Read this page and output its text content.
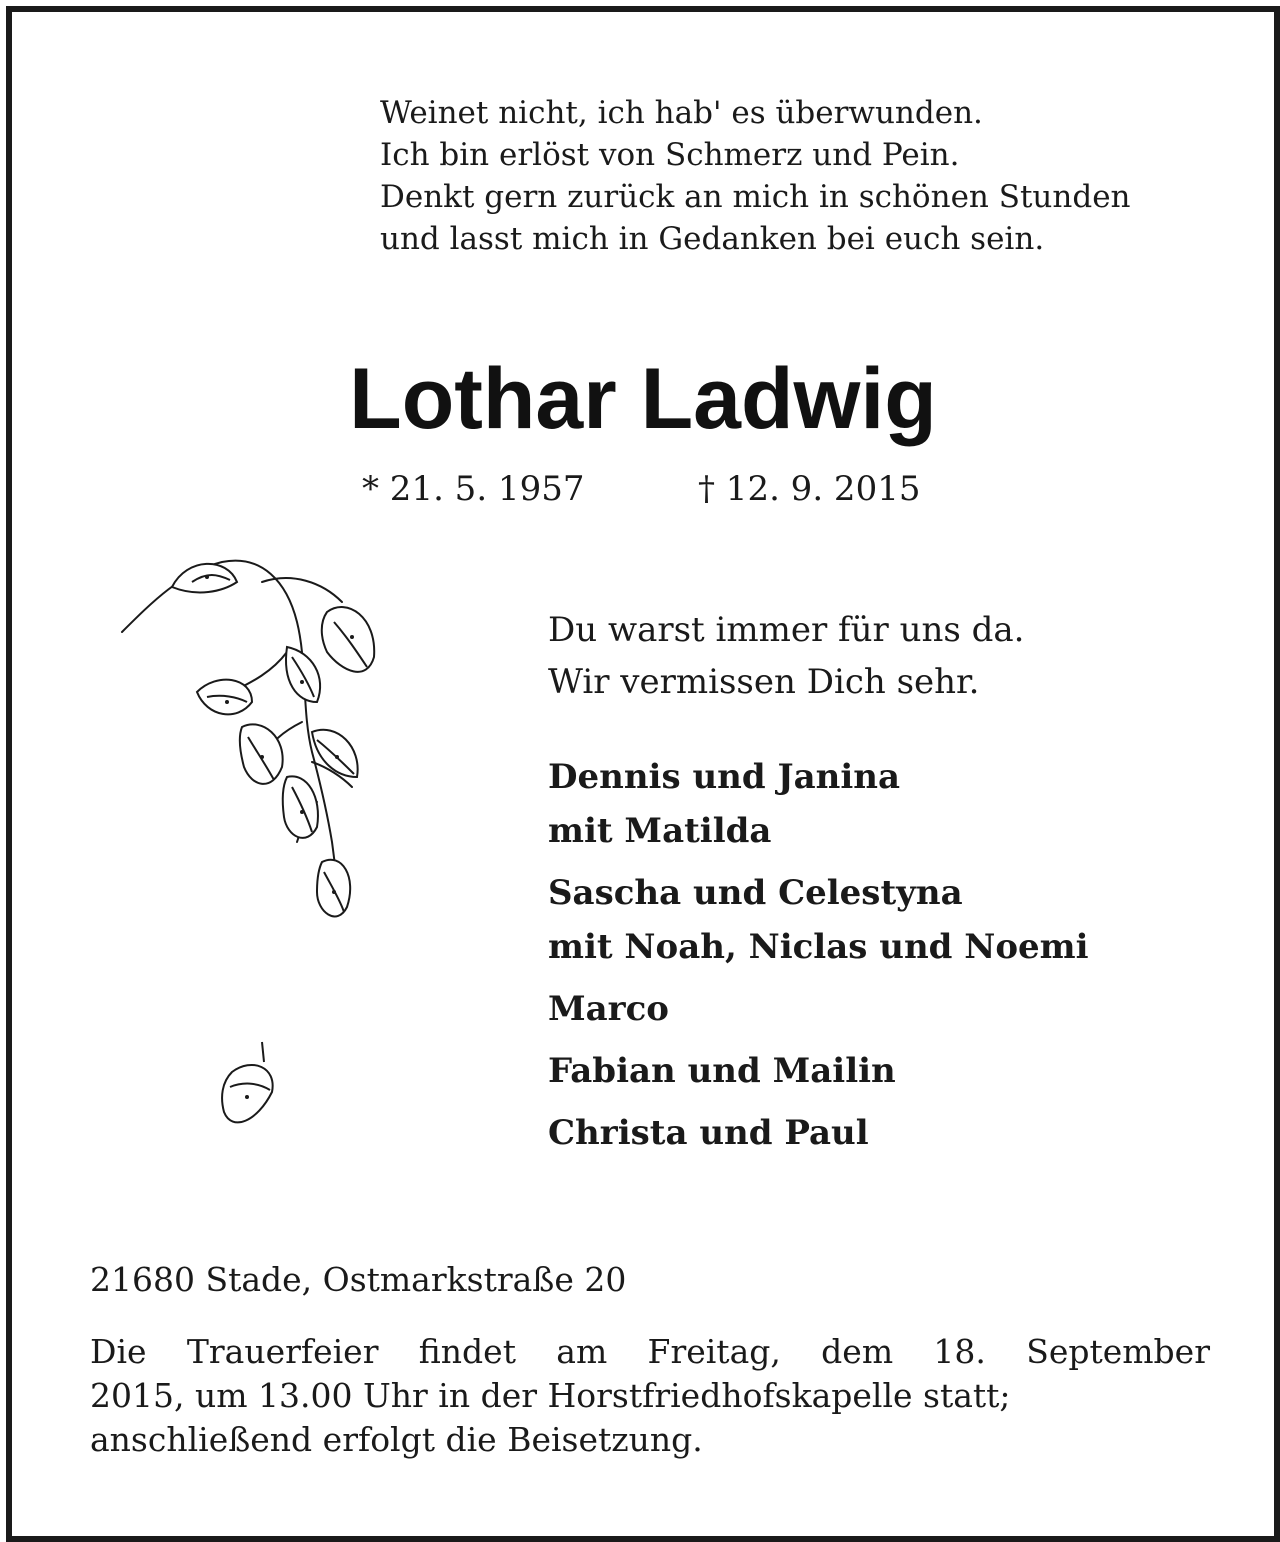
Weinet nicht, ich hab' es überwunden.
Ich bin erlöst von Schmerz und Pein.
Denkt gern zurück an mich in schönen Stunden
und lasst mich in Gedanken bei euch sein.
Lothar Ladwig
* 21. 5. 1957	† 12. 9. 2015
Du warst immer für uns da.
Wir vermissen Dich sehr.
Dennis und Janina
mit Matilda
Sascha und Celestyna
mit Noah, Niclas und Noemi
Marco
Fabian und Mailin
Christa und Paul
21680 Stade, Ostmarkstraße 20
Die Trauerfeier findet am Freitag, dem 18. September
2015, um 13.00 Uhr in der Horstfriedhofskapelle statt;
anschließend erfolgt die Beisetzung.
